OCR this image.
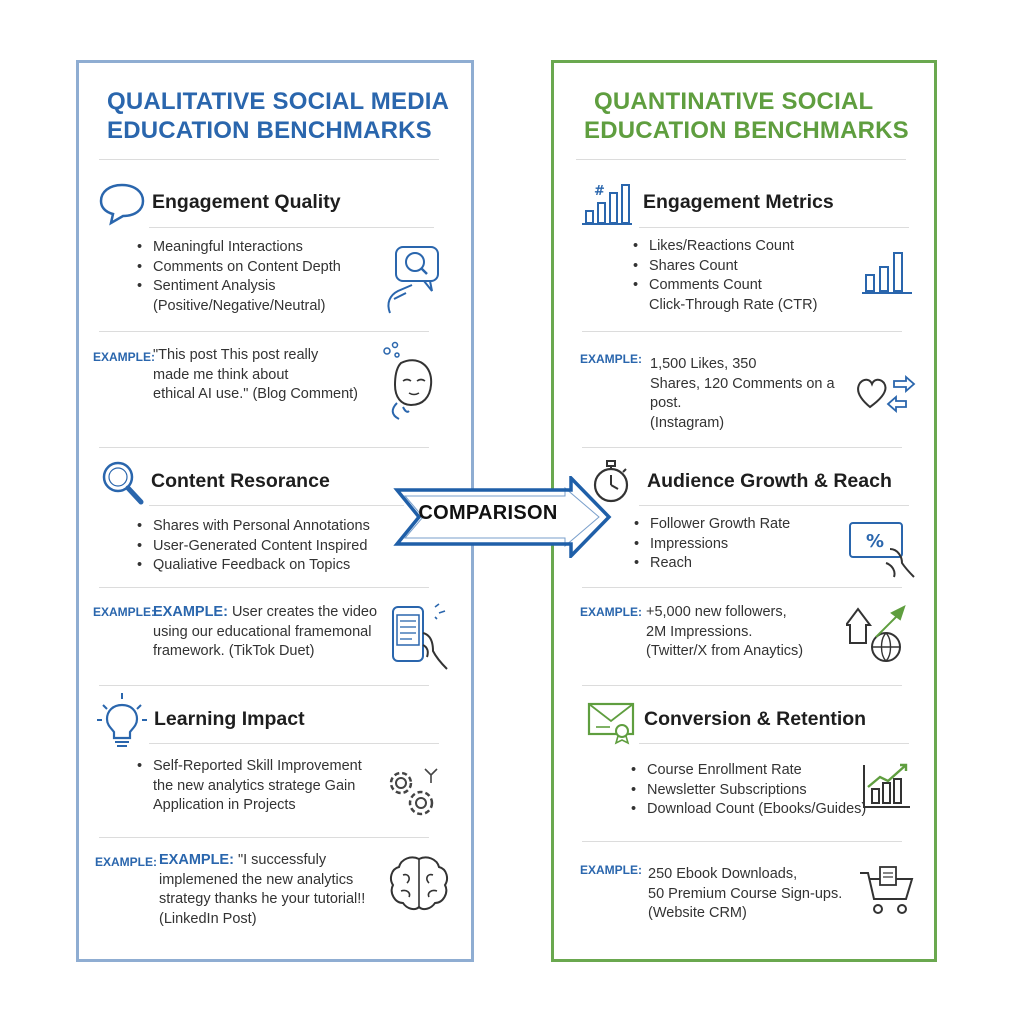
QUALITATIVE SOCIAL MEDIA
EDUCATION BENCHMARKS
Engagement Quality
• Meaningful Interactions
• Comments on Content Depth
• Sentiment Analysis
(Positive/Negative/Neutral)
EXAMPLE:
"This post This post really
made me think about
ethical AI use." (Blog Comment)
Content Resorance
• Shares with Personal Annotations
• User-Generated Content Inspired
• Qualiative Feedback on Topics
EXAMPLE:
EXAMPLE: User creates the video
using our educational framemonal
framework. (TikTok Duet)
Learning Impact
• Self-Reported Skill Improvement
the new analytics stratege Gain
Application in Projects
EXAMPLE: EXAMPLE: "I successfuly
implemened the new analytics
strategy thanks he your tutorial!!
(LinkedIn Post)
QUANTINATIVE SOCIAL
EDUCATION BENCHMARKS
# Engagement Metrics
• Likes/Reactions Count
• Shares Count
• Comments Count
Click-Through Rate (CTR)
EXAMPLE: 1,500 Likes, 350
Shares, 120 Comments on a post.
(Instagram)
Audience Growth & Reach
• Follower Growth Rate
• Impressions
• Reach
%
EXAMPLE: +5,000 new followers,
2M Impressions.
(Twitter/X from Anaytics)
Conversion & Retention
• Course Enrollment Rate
• Newsletter Subscriptions
• Download Count (Ebooks/Guides)
EXAMPLE: 250 Ebook Downloads,
50 Premium Course Sign-ups.
(Website CRM)
COMPARISON
